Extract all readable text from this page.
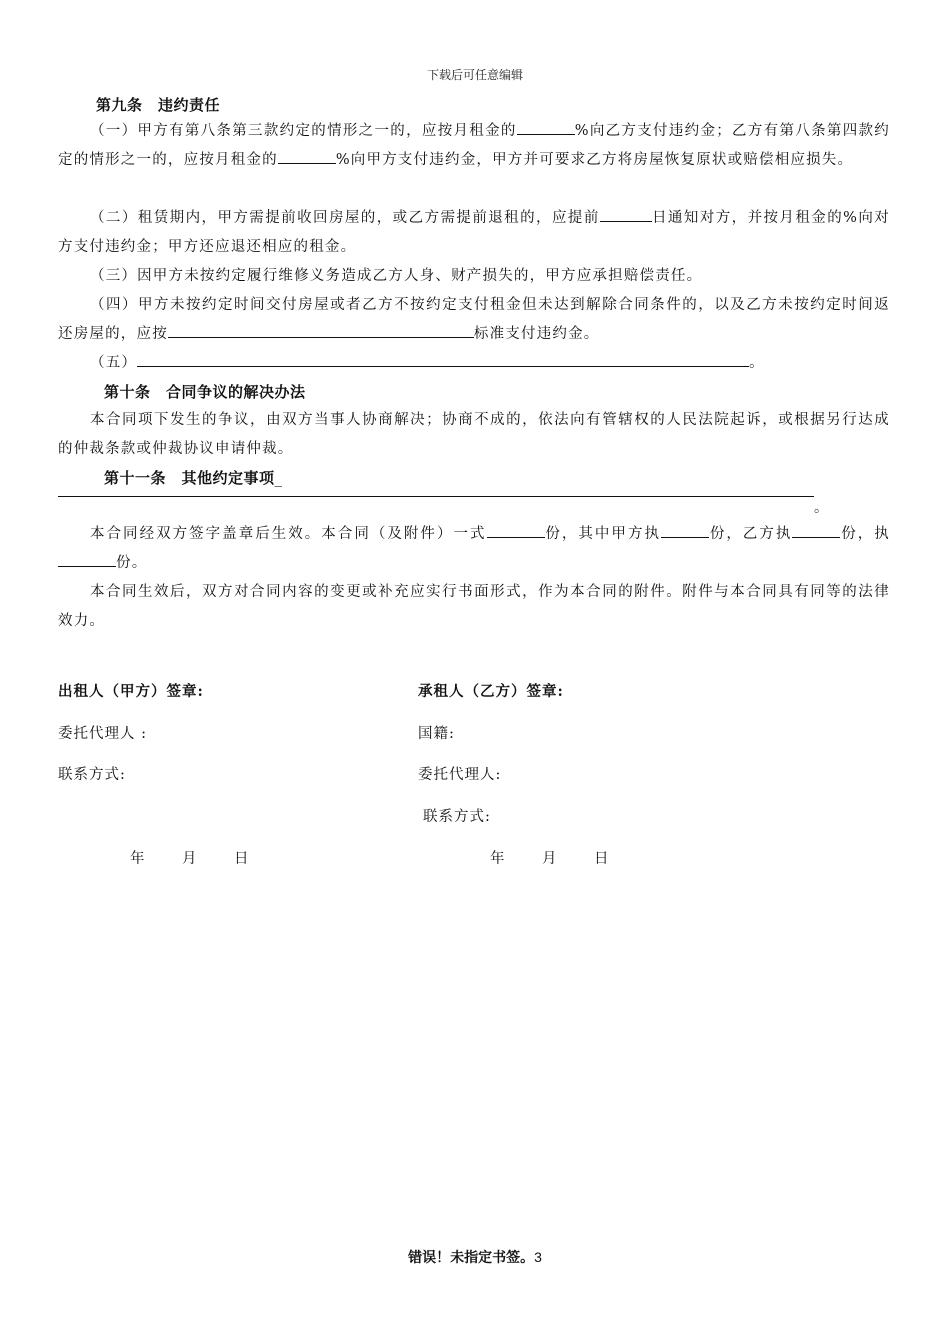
下载后可任意编辑
第九条　违约责任

（一）甲方有第八条第三款约定的情形之一的，应按月租金的	%向乙方支付违约金；乙方有第八条第四款约定的情形之一的，应按月租金的	%向甲方支付违约金，甲方并可要求乙方将房屋恢复原状或赔偿相应损失。

（二）租赁期内，甲方需提前收回房屋的，或乙方需提前退租的，应提前	日通知对方，并按月租金的%向对方支付违约金；甲方还应退还相应的租金。

（三）因甲方未按约定履行维修义务造成乙方人身、财产损失的，甲方应承担赔偿责任。

（四）甲方未按约定时间交付房屋或者乙方不按约定支付租金但未达到解除合同条件的，以及乙方未按约定时间返还房屋的，应按	标准支付违约金。

（五）	。

第十条　合同争议的解决办法

本合同项下发生的争议，由双方当事人协商解决；协商不成的，依法向有管辖权的人民法院起诉，或根据另行达成的仲裁条款或仲裁协议申请仲裁。

第十一条　其他约定事项_
。

本合同经双方签字盖章后生效。本合同（及附件）一式	份，其中甲方执	份，乙方执	份，执份。

本合同生效后，双方对合同内容的变更或补充应实行书面形式，作为本合同的附件。附件与本合同具有同等的法律效力。

出租人（甲方）签章:
委托代理人 :
联系方式:
年	月	日
承租人（乙方）签章:
国籍:
委托代理人:
联系方式:
年	月	日
错误！未指定书签。3
